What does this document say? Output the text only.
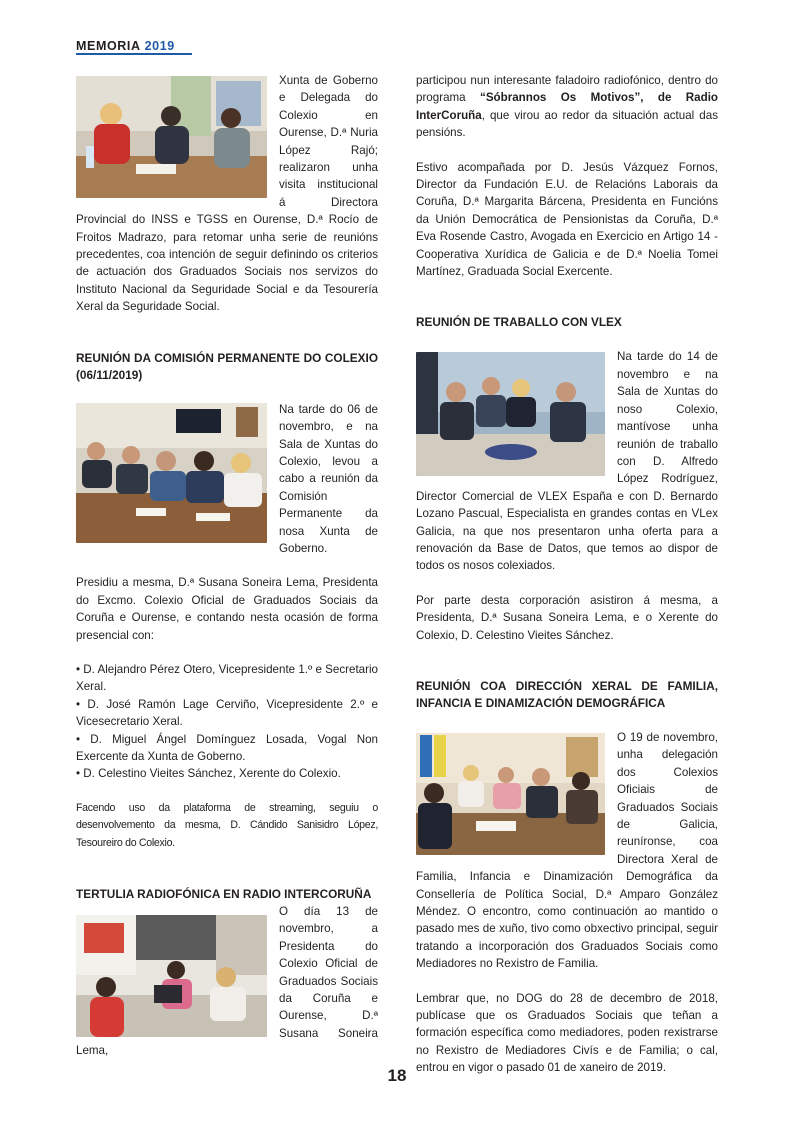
MEMORIA 2019

Xunta de Goberno e Delegada do Colexio en Ourense, D.ª Nuria López Rajó; realizaron unha visita institucional á Directora Provincial do INSS e TGSS en Ourense, D.ª Rocío de Froitos Madrazo, para retomar unha serie de reunións precedentes, coa intención de seguir definindo os criterios de actuación dos Graduados Sociais nos servizos do Instituto Nacional da Seguridade Social e da Tesourería Xeral da Seguridade Social.

REUNIÓN DA COMISIÓN PERMANENTE DO COLEXIO (06/11/2019)

Na tarde do 06 de novembro, e na Sala de Xuntas do Colexio, levou a cabo a reunión da Comisión Permanente da nosa Xunta de Goberno.

Presidiu a mesma, D.ª Susana Soneira Lema, Presidenta do Excmo. Colexio Oficial de Graduados Sociais da Coruña e Ourense, e contando nesta ocasión de forma presencial con:

• D. Alejandro Pérez Otero, Vicepresidente 1.º e Secretario Xeral.
• D. José Ramón Lage Cerviño, Vicepresidente 2.º e Vicesecretario Xeral.
• D. Miguel Ángel Domínguez Losada, Vogal Non Exercente da Xunta de Goberno.
• D. Celestino Vieites Sánchez, Xerente do Colexio.

Facendo uso da plataforma de streaming, seguiu o desenvolvemento da mesma, D. Cándido Sanisidro López, Tesoureiro do Colexio.

TERTULIA RADIOFÓNICA EN RADIO INTERCORUÑA

O día 13 de novembro, a Presidenta do Colexio Oficial de Graduados Sociais da Coruña e Ourense, D.ª Susana Soneira Lema,

participou nun interesante faladoiro radiofónico, dentro do programa “Sóbrannos Os Motivos”, de Radio InterCoruña, que virou ao redor da situación actual das pensións.

Estivo acompañada por D. Jesús Vázquez Fornos, Director da Fundación E.U. de Relacións Laborais da Coruña, D.ª Margarita Bárcena, Presidenta en Funcións da Unión Democrática de Pensionistas da Coruña, D.ª Eva Rosende Castro, Avogada en Exercicio en Artigo 14 - Cooperativa Xurídica de Galicia e de D.ª Noelia Tomei Martínez, Graduada Social Exercente.

REUNIÓN DE TRABALLO CON VLEX

Na tarde do 14 de novembro e na Sala de Xuntas do noso Colexio, mantívose unha reunión de traballo con D. Alfredo López Rodríguez, Director Comercial de VLEX España e con D. Bernardo Lozano Pascual, Especialista en grandes contas en VLex Galicia, na que nos presentaron unha oferta para a renovación da Base de Datos, que temos ao dispor de todos os nosos colexiados.

Por parte desta corporación asistiron á mesma, a Presidenta, D.ª Susana Soneira Lema, e o Xerente do Colexio, D. Celestino Vieites Sánchez.

REUNIÓN COA DIRECCIÓN XERAL DE FAMILIA, INFANCIA E DINAMIZACIÓN DEMOGRÁFICA

O 19 de novembro, unha delegación dos Colexios Oficiais de Graduados Sociais de Galicia, reuníronse, coa Directora Xeral de Familia, Infancia e Dinamización Demográfica da Consellería de Política Social, D.ª Amparo González Méndez. O encontro, como continuación ao mantido o pasado mes de xuño, tivo como obxectivo principal, seguir tratando a incorporación dos Graduados Sociais como Mediadores no Rexistro de Familia.

Lembrar que, no DOG do 28 de decembro de 2018, publícase que os Graduados Sociais que teñan a formación específica como mediadores, poden rexistrarse no Rexistro de Mediadores Civís e de Familia; o cal, entrou en vigor o pasado 01 de xaneiro de 2019.

18
